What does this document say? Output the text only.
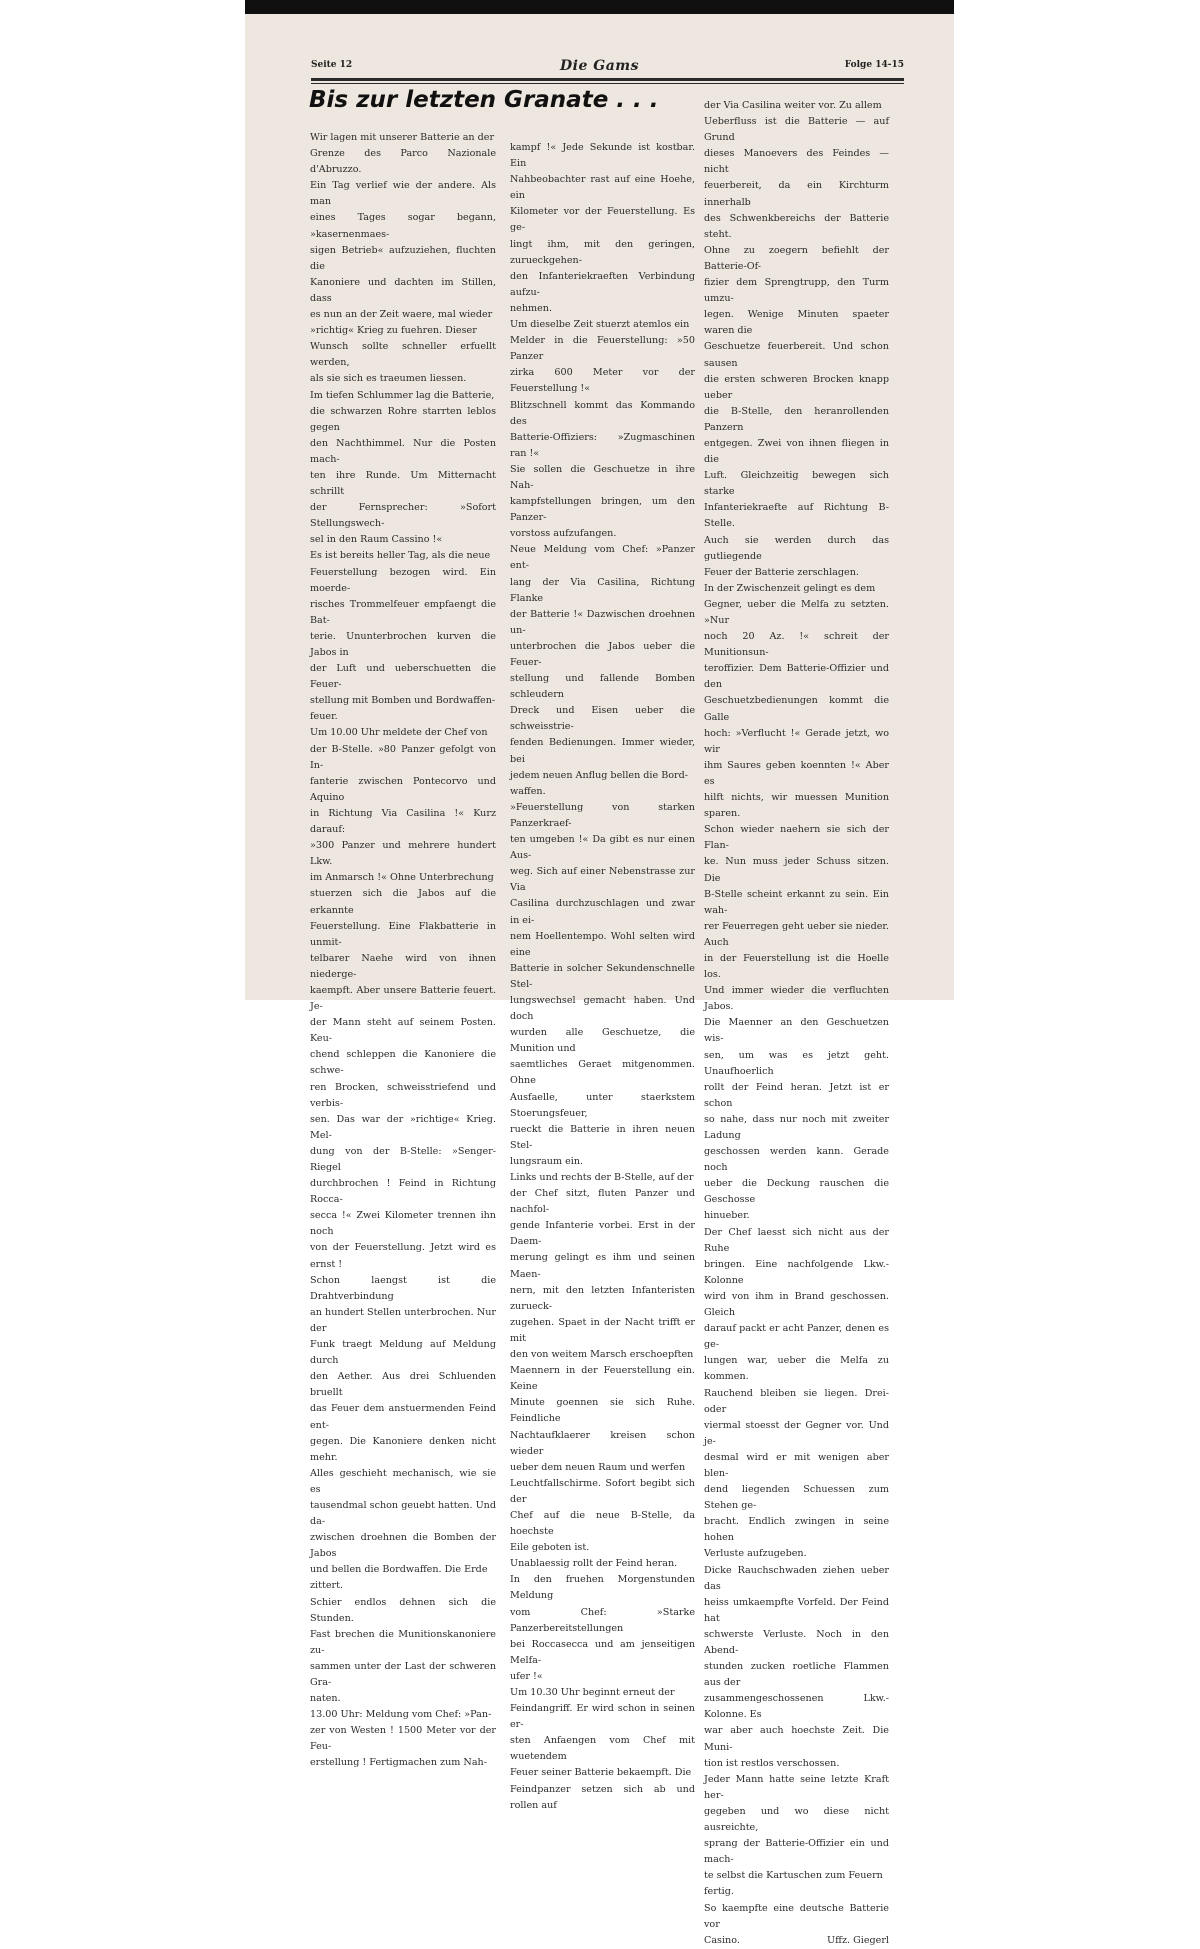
Seite 12	Die Gams	Folge 14-15
Bis zur letzten Granate . . .

Wir lagen mit unserer Batterie an der

Grenze des Parco Nazionale d'Abruzzo.

Ein Tag verlief wie der andere. Als man

eines Tages sogar begann, »kasernenmaes-

sigen Betrieb« aufzuziehen, fluchten die

Kanoniere und dachten im Stillen, dass

es nun an der Zeit waere, mal wieder

»richtig« Krieg zu fuehren. Dieser

Wunsch sollte schneller erfuellt werden,

als sie sich es traeumen liessen.

Im tiefen Schlummer lag die Batterie,

die schwarzen Rohre starrten leblos gegen

den Nachthimmel. Nur die Posten mach-

ten ihre Runde. Um Mitternacht schrillt

der Fernsprecher: »Sofort Stellungswech-

sel in den Raum Cassino !«

Es ist bereits heller Tag, als die neue

Feuerstellung bezogen wird. Ein moerde-

risches Trommelfeuer empfaengt die Bat-

terie. Ununterbrochen kurven die Jabos in

der Luft und ueberschuetten die Feuer-

stellung mit Bomben und Bordwaffen-

feuer.

Um 10.00 Uhr meldete der Chef von

der B-Stelle. »80 Panzer gefolgt von In-

fanterie zwischen Pontecorvo und Aquino

in Richtung Via Casilina !« Kurz darauf:

»300 Panzer und mehrere hundert Lkw.

im Anmarsch !« Ohne Unterbrechung

stuerzen sich die Jabos auf die erkannte

Feuerstellung. Eine Flakbatterie in unmit-

telbarer Naehe wird von ihnen niederge-

kaempft. Aber unsere Batterie feuert. Je-

der Mann steht auf seinem Posten. Keu-

chend schleppen die Kanoniere die schwe-

ren Brocken, schweisstriefend und verbis-

sen. Das war der »richtige« Krieg. Mel-

dung von der B-Stelle: »Senger-Riegel

durchbrochen ! Feind in Richtung Rocca-

secca !« Zwei Kilometer trennen ihn noch

von der Feuerstellung. Jetzt wird es ernst !

Schon laengst ist die Drahtverbindung

an hundert Stellen unterbrochen. Nur der

Funk traegt Meldung auf Meldung durch

den Aether. Aus drei Schluenden bruellt

das Feuer dem anstuermenden Feind ent-

gegen. Die Kanoniere denken nicht mehr.

Alles geschieht mechanisch, wie sie es

tausendmal schon geuebt hatten. Und da-

zwischen droehnen die Bomben der Jabos

und bellen die Bordwaffen. Die Erde

zittert.

Schier endlos dehnen sich die Stunden.

Fast brechen die Munitionskanoniere zu-

sammen unter der Last der schweren Gra-

naten.

13.00 Uhr: Meldung vom Chef: »Pan-

zer von Westen ! 1500 Meter vor der Feu-

erstellung ! Fertigmachen zum Nah-

kampf !« Jede Sekunde ist kostbar. Ein

Nahbeobachter rast auf eine Hoehe, ein

Kilometer vor der Feuerstellung. Es ge-

lingt ihm, mit den geringen, zurueckgehen-

den Infanteriekraeften Verbindung aufzu-

nehmen.

Um dieselbe Zeit stuerzt atemlos ein

Melder in die Feuerstellung: »50 Panzer

zirka 600 Meter vor der Feuerstellung !«

Blitzschnell kommt das Kommando des

Batterie-Offiziers: »Zugmaschinen ran !«

Sie sollen die Geschuetze in ihre Nah-

kampfstellungen bringen, um den Panzer-

vorstoss aufzufangen.

Neue Meldung vom Chef: »Panzer ent-

lang der Via Casilina, Richtung Flanke

der Batterie !« Dazwischen droehnen un-

unterbrochen die Jabos ueber die Feuer-

stellung und fallende Bomben schleudern

Dreck und Eisen ueber die schweisstrie-

fenden Bedienungen. Immer wieder, bei

jedem neuen Anflug bellen die Bord-

waffen.

»Feuerstellung von starken Panzerkraef-

ten umgeben !« Da gibt es nur einen Aus-

weg. Sich auf einer Nebenstrasse zur Via

Casilina durchzuschlagen und zwar in ei-

nem Hoellentempo. Wohl selten wird eine

Batterie in solcher Sekundenschnelle Stel-

lungswechsel gemacht haben. Und doch

wurden alle Geschuetze, die Munition und

saemtliches Geraet mitgenommen. Ohne

Ausfaelle, unter staerkstem Stoerungsfeuer,

rueckt die Batterie in ihren neuen Stel-

lungsraum ein.

Links und rechts der B-Stelle, auf der

der Chef sitzt, fluten Panzer und nachfol-

gende Infanterie vorbei. Erst in der Daem-

merung gelingt es ihm und seinen Maen-

nern, mit den letzten Infanteristen zurueck-

zugehen. Spaet in der Nacht trifft er mit

den von weitem Marsch erschoepften

Maennern in der Feuerstellung ein. Keine

Minute goennen sie sich Ruhe. Feindliche

Nachtaufklaerer kreisen schon wieder

ueber dem neuen Raum und werfen

Leuchtfallschirme. Sofort begibt sich der

Chef auf die neue B-Stelle, da hoechste

Eile geboten ist.

Unablaessig rollt der Feind heran.

In den fruehen Morgenstunden Meldung

vom Chef: »Starke Panzerbereitstellungen

bei Roccasecca und am jenseitigen Melfa-

ufer !«

Um 10.30 Uhr beginnt erneut der

Feindangriff. Er wird schon in seinen er-

sten Anfaengen vom Chef mit wuetendem

Feuer seiner Batterie bekaempft. Die

Feindpanzer setzen sich ab und rollen auf

der Via Casilina weiter vor. Zu allem

Ueberfluss ist die Batterie — auf Grund

dieses Manoevers des Feindes — nicht

feuerbereit, da ein Kirchturm innerhalb

des Schwenkbereichs der Batterie steht.

Ohne zu zoegern befiehlt der Batterie-Of-

fizier dem Sprengtrupp, den Turm umzu-

legen. Wenige Minuten spaeter waren die

Geschuetze feuerbereit. Und schon sausen

die ersten schweren Brocken knapp ueber

die B-Stelle, den heranrollenden Panzern

entgegen. Zwei von ihnen fliegen in die

Luft. Gleichzeitig bewegen sich starke

Infanteriekraefte auf Richtung B-Stelle.

Auch sie werden durch das gutliegende

Feuer der Batterie zerschlagen.

In der Zwischenzeit gelingt es dem

Gegner, ueber die Melfa zu setzten. »Nur

noch 20 Az. !« schreit der Munitionsun-

teroffizier. Dem Batterie-Offizier und den

Geschuetzbedienungen kommt die Galle

hoch: »Verflucht !« Gerade jetzt, wo wir

ihm Saures geben koennten !« Aber es

hilft nichts, wir muessen Munition sparen.

Schon wieder naehern sie sich der Flan-

ke. Nun muss jeder Schuss sitzen. Die

B-Stelle scheint erkannt zu sein. Ein wah-

rer Feuerregen geht ueber sie nieder. Auch

in der Feuerstellung ist die Hoelle los.

Und immer wieder die verfluchten Jabos.

Die Maenner an den Geschuetzen wis-

sen, um was es jetzt geht. Unaufhoerlich

rollt der Feind heran. Jetzt ist er schon

so nahe, dass nur noch mit zweiter Ladung

geschossen werden kann. Gerade noch

ueber die Deckung rauschen die Geschosse

hinueber.

Der Chef laesst sich nicht aus der Ruhe

bringen. Eine nachfolgende Lkw.-Kolonne

wird von ihm in Brand geschossen. Gleich

darauf packt er acht Panzer, denen es ge-

lungen war, ueber die Melfa zu kommen.

Rauchend bleiben sie liegen. Drei- oder

viermal stoesst der Gegner vor. Und je-

desmal wird er mit wenigen aber blen-

dend liegenden Schuessen zum Stehen ge-

bracht. Endlich zwingen in seine hohen

Verluste aufzugeben.

Dicke Rauchschwaden ziehen ueber das

heiss umkaempfte Vorfeld. Der Feind hat

schwerste Verluste. Noch in den Abend-

stunden zucken roetliche Flammen aus der

zusammengeschossenen Lkw.-Kolonne. Es

war aber auch hoechste Zeit. Die Muni-

tion ist restlos verschossen.

Jeder Mann hatte seine letzte Kraft her-

gegeben und wo diese nicht ausreichte,

sprang der Batterie-Offizier ein und mach-

te selbst die Kartuschen zum Feuern

fertig.

So kaempfte eine deutsche Batterie vor

Casino.	Uffz. Giegerl
